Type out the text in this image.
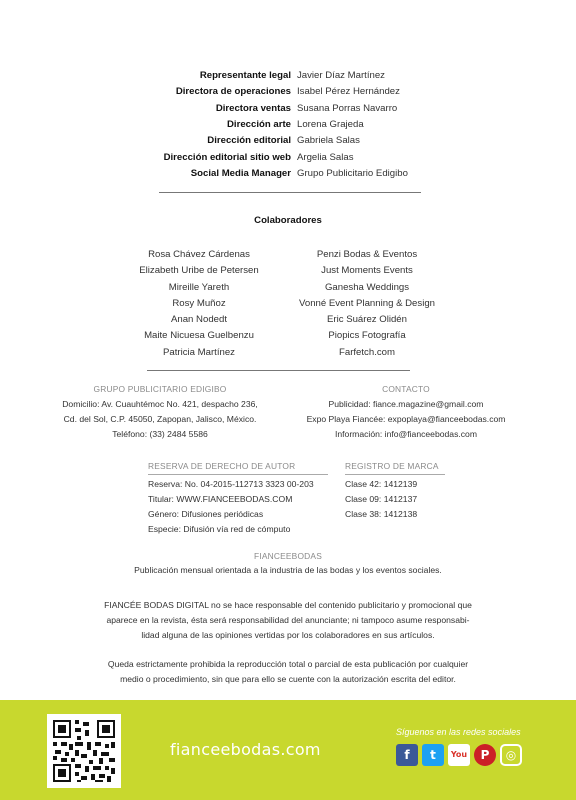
Representante legal Javier Díaz Martínez
Directora de operaciones Isabel Pérez Hernández
Directora ventas Susana Porras Navarro
Dirección arte Lorena Grajeda
Dirección editorial Gabriela Salas
Dirección editorial sitio web Argelia Salas
Social Media Manager Grupo Publicitario Edigibo
Colaboradores
Rosa Chávez Cárdenas
Elizabeth Uribe de Petersen
Mireille Yareth
Rosy Muñoz
Anan Nodedt
Maite Nicuesa Guelbenzu
Patricia Martínez
Penzi Bodas & Eventos
Just Moments Events
Ganesha Weddings
Vonné Event Planning & Design
Eric Suárez Olidén
Piopics Fotografía
Farfetch.com
GRUPO PUBLICITARIO EDIGIBO
Domicilio: Av. Cuauhtémoc No. 421, despacho 236,
Cd. del Sol, C.P. 45050, Zapopan, Jalisco, México.
Teléfono: (33) 2484 5586
CONTACTO
Publicidad: fiance.magazine@gmail.com
Expo Playa Fiancée: expoplaya@fianceebodas.com
Información: info@fianceebodas.com
RESERVA DE DERECHO DE AUTOR
Reserva: No. 04-2015-112713 3323 00-203
Titular: WWW.FIANCEEBODAS.COM
Género: Difusiones periódicas
Especie: Difusión vía red de cómputo
REGISTRO DE MARCA
Clase 42: 1412139
Clase 09: 1412137
Clase 38: 1412138
FIANCEEBODAS
Publicación mensual orientada a la industria de las bodas y los eventos sociales.
FIANCÉE BODAS DIGITAL no se hace responsable del contenido publicitario y promocional que
aparece en la revista, ésta será responsabilidad del anunciante; ni tampoco asume responsabi-
lidad alguna de las opiniones vertidas por los colaboradores en sus artículos.
Queda estrictamente prohibida la reproducción total o parcial de esta publicación por cualquier
medio o procedimiento, sin que para ello se cuente con la autorización escrita del editor.
fianceebodas.com
Síguenos en las redes sociales
f	t	You	P	◎
